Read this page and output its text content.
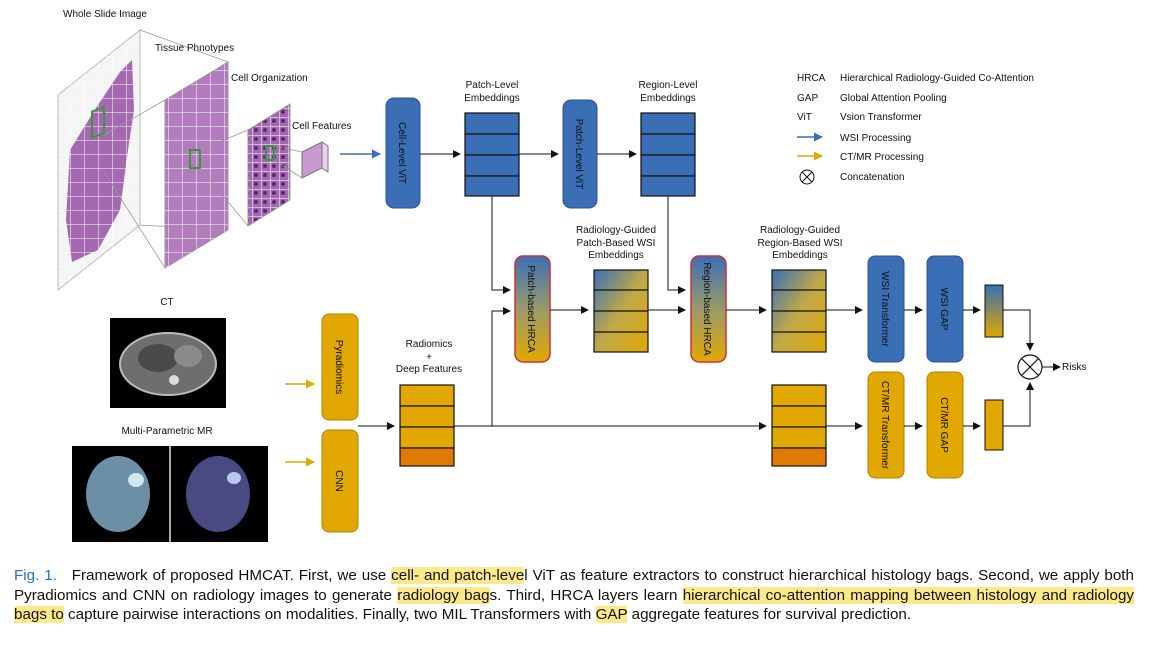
Whole Slide Image
Tissue Phnotypes
Cell Organization
Cell Features	Cell-Level ViT
Patch-Level
Embeddings
Patch-Level ViT
Region-Level
Embeddings
HRCA Hierarchical Radiology-Guided Co-Attention
GAP Global Attention Pooling
ViT	Vsion Transformer
WSI Processing
CT/MR Processing
Concatenation
CT
Multi-Parametric MR
Pyradiomics
CNN
Radiomics
+
Deep Features
Patch-based HRCA
Radiology-Guided
Patch-Based WSI
Embeddings
Region-based HRCA
Radiology-Guided
Region-Based WSI
Embeddings
WSI Transformer	WSI GAP
CT/MR Transformer	CT/MR GAP
Risks
Fig. 1. Framework of proposed HMCAT. First, we use cell- and patch-level ViT as feature extractors to construct hierarchical histology bags. Second, we apply both Pyradiomics and CNN on radiology images to generate radiology bags. Third, HRCA layers learn hierarchical co-attention mapping between histology and radiology bags to capture pairwise interactions on modalities. Finally, two MIL Transformers with GAP aggregate features for survival prediction.
